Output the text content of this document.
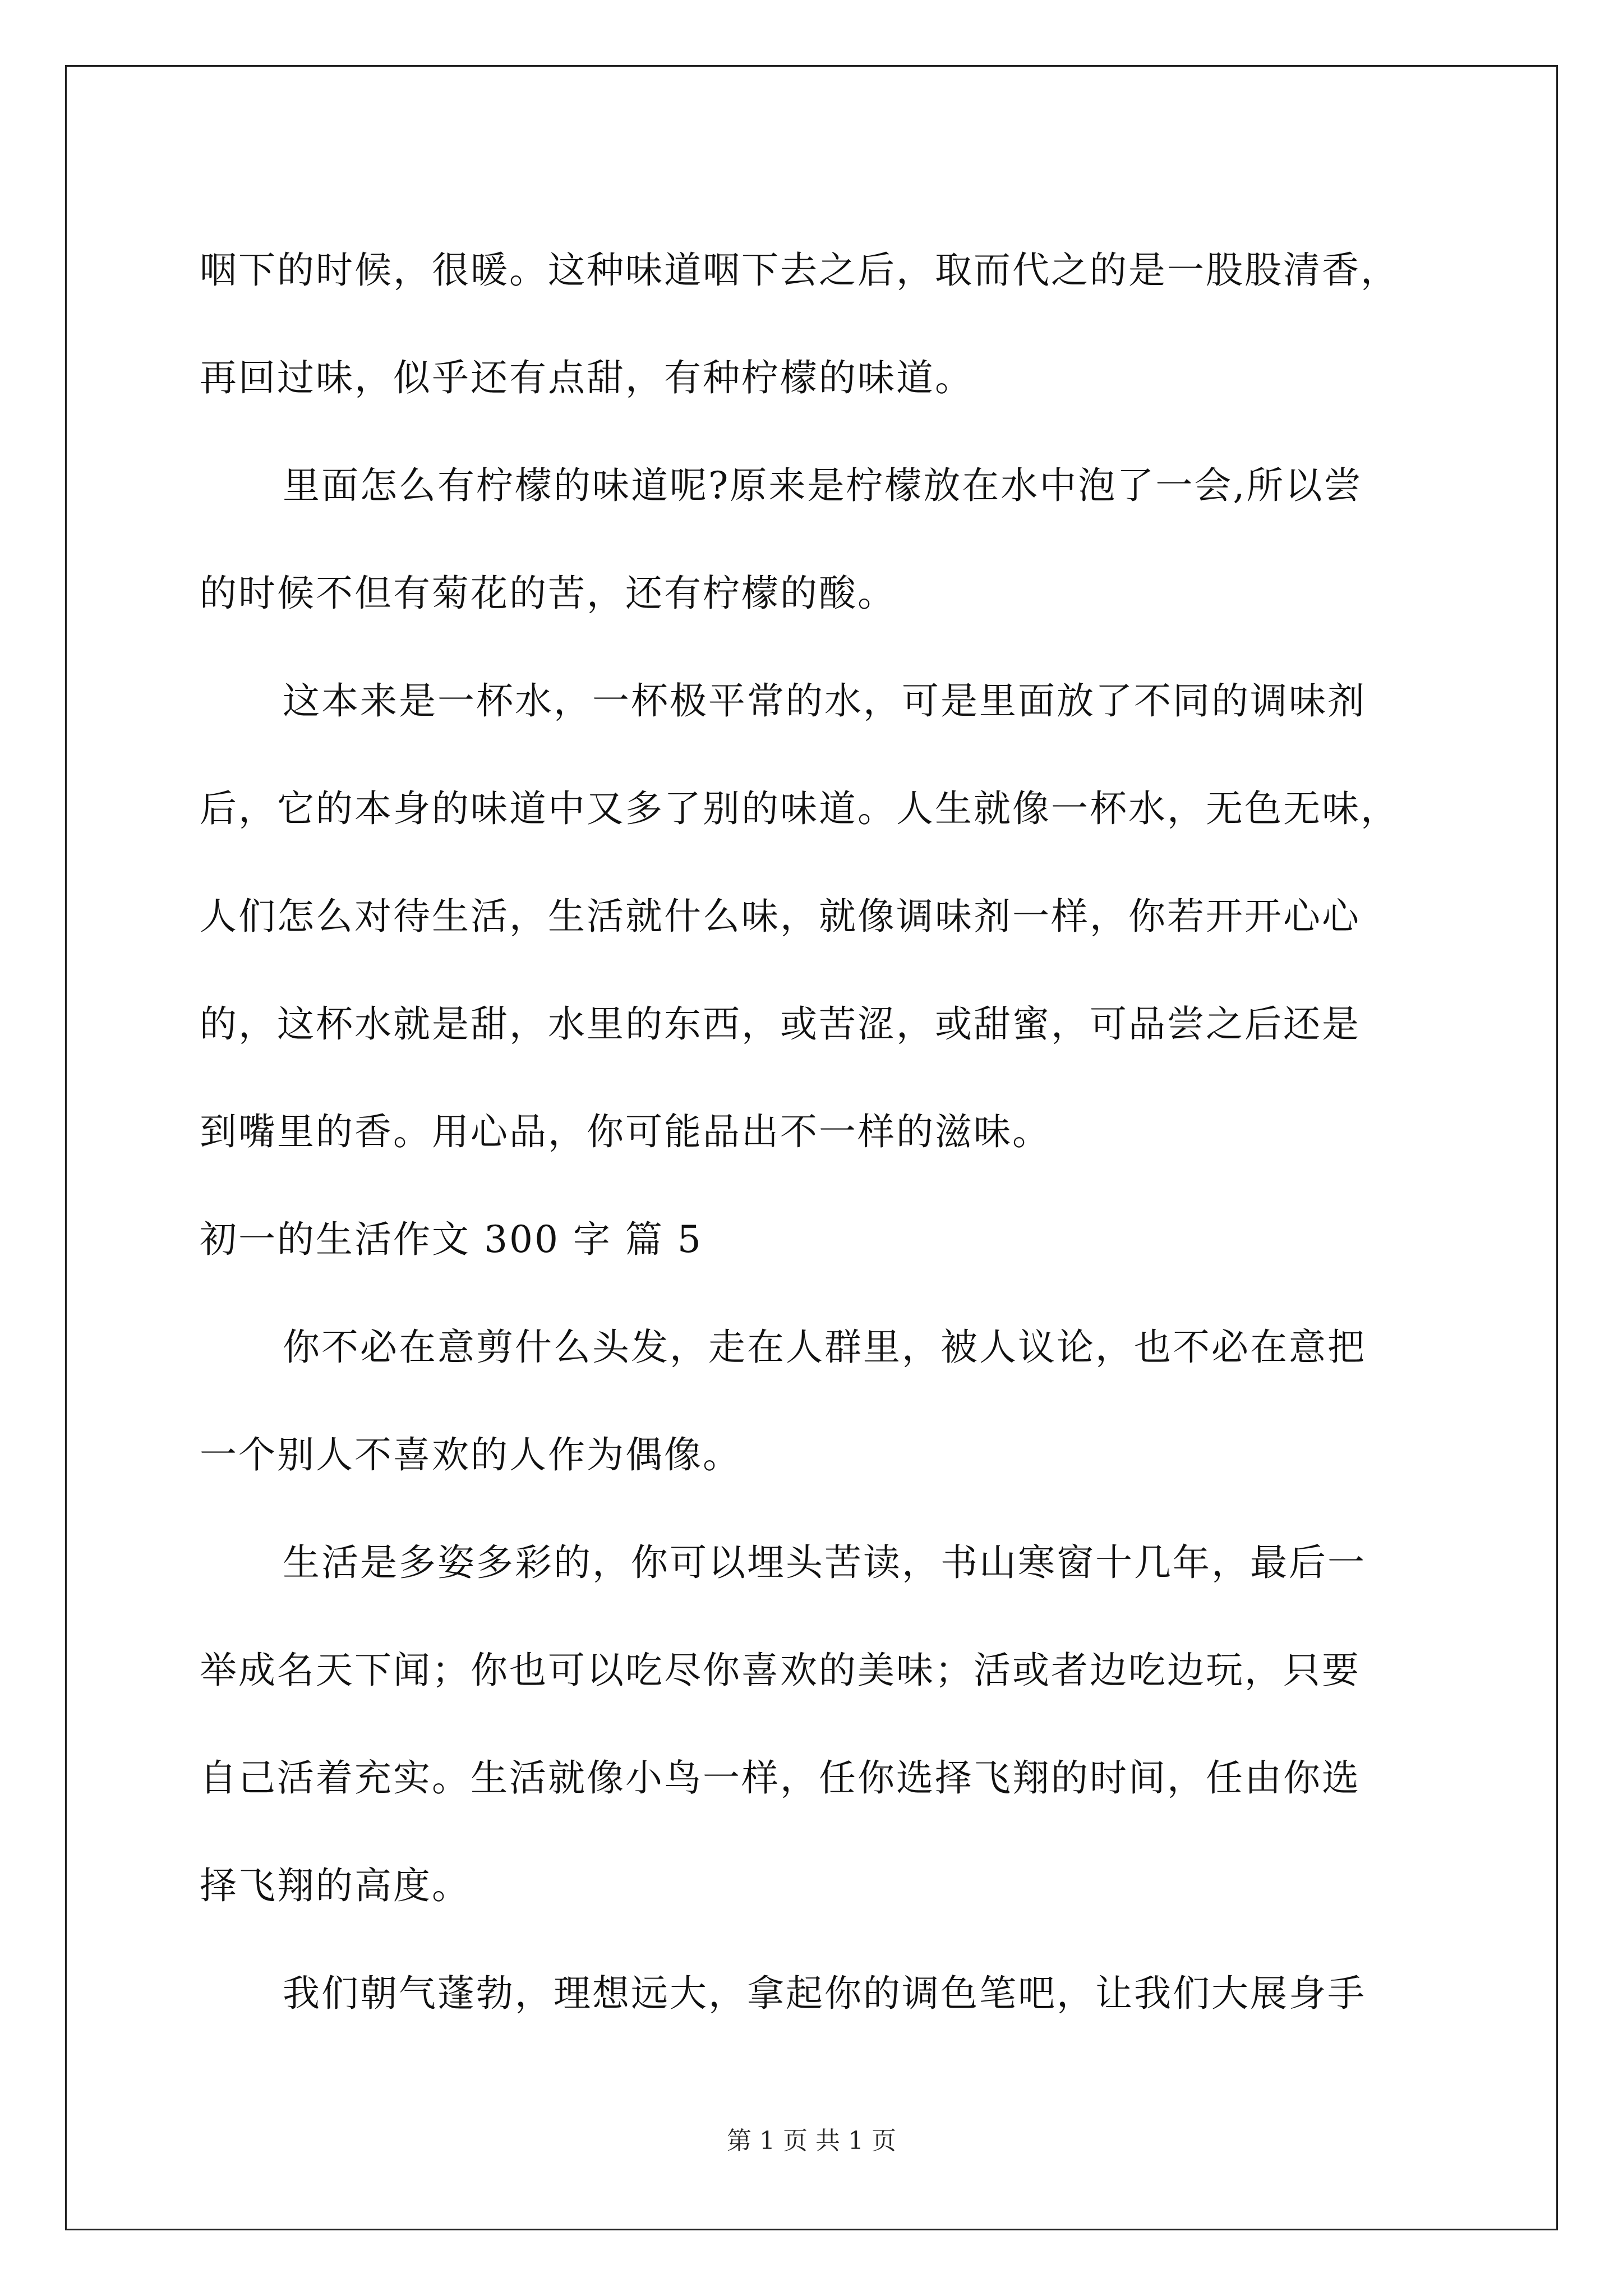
咽下的时候，很暖。这种味道咽下去之后，取而代之的是一股股清香，

再回过味，似乎还有点甜，有种柠檬的味道。

里面怎么有柠檬的味道呢?原来是柠檬放在水中泡了一会,所以尝

的时候不但有菊花的苦，还有柠檬的酸。

这本来是一杯水，一杯极平常的水，可是里面放了不同的调味剂

后，它的本身的味道中又多了别的味道。人生就像一杯水，无色无味，

人们怎么对待生活，生活就什么味，就像调味剂一样，你若开开心心

的，这杯水就是甜，水里的东西，或苦涩，或甜蜜，可品尝之后还是

到嘴里的香。用心品，你可能品出不一样的滋味。

初一的生活作文 300 字 篇 5

你不必在意剪什么头发，走在人群里，被人议论，也不必在意把

一个别人不喜欢的人作为偶像。

生活是多姿多彩的，你可以埋头苦读，书山寒窗十几年，最后一

举成名天下闻；你也可以吃尽你喜欢的美味；活或者边吃边玩，只要

自己活着充实。生活就像小鸟一样，任你选择飞翔的时间，任由你选

择飞翔的高度。

我们朝气蓬勃，理想远大，拿起你的调色笔吧，让我们大展身手

第 1 页 共 1 页
